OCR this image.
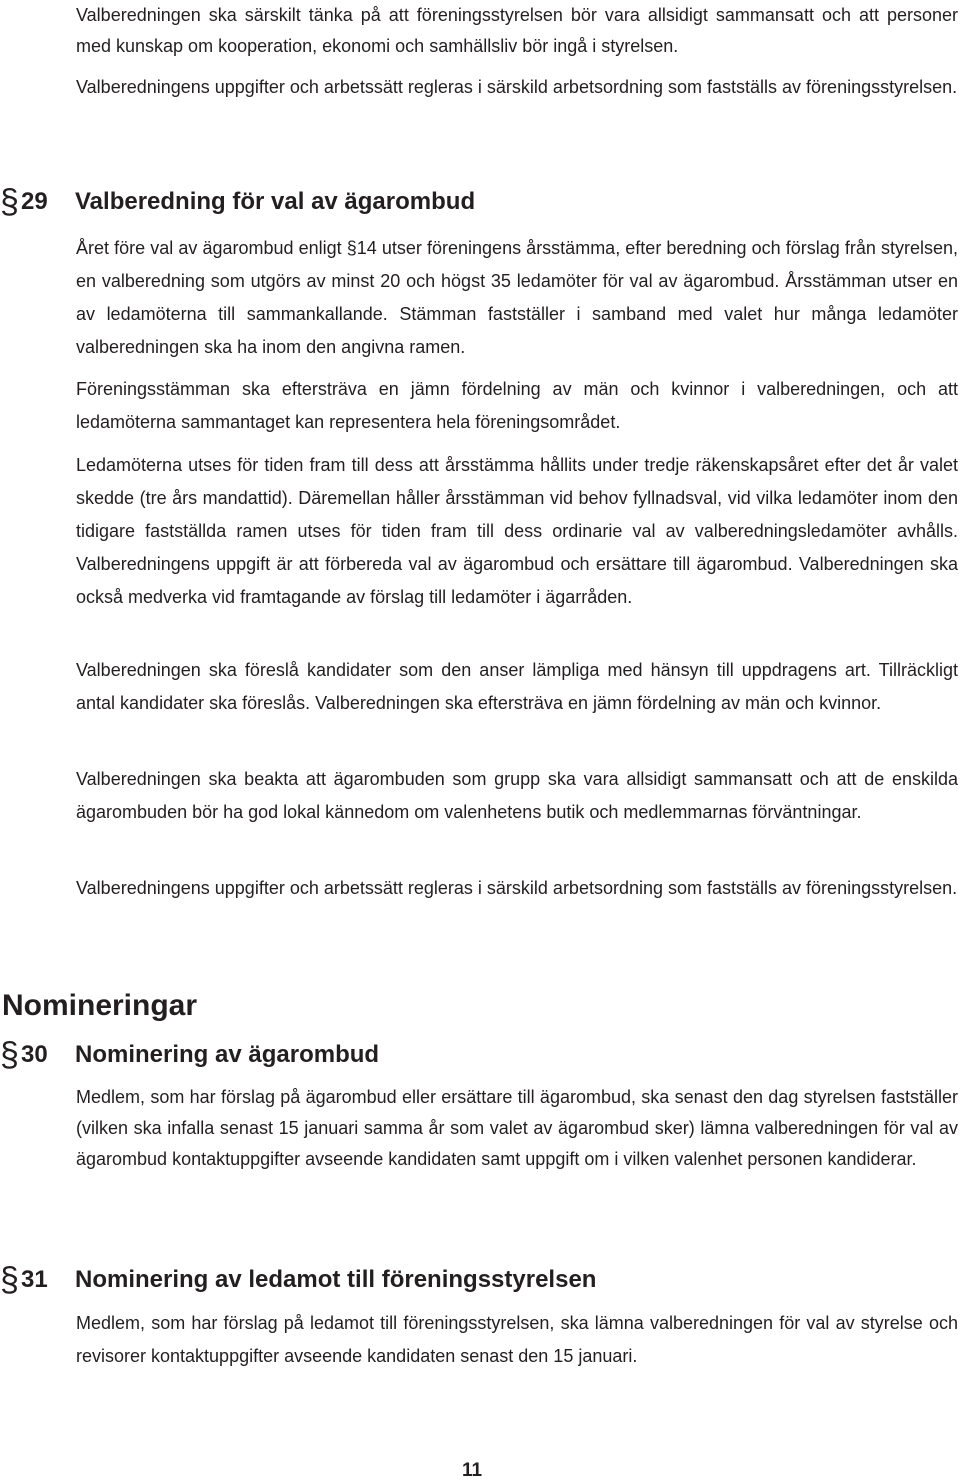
Valberedningen ska särskilt tänka på att föreningsstyrelsen bör vara allsidigt sammansatt och att personer med kunskap om kooperation, ekonomi och samhällsliv bör ingå i styrelsen.

Valberedningens uppgifter och arbetssätt regleras i särskild arbetsordning som fastställs av föreningsstyrelsen.

§ 29	Valberedning för val av ägarombud

Året före val av ägarombud enligt §14 utser föreningens årsstämma, efter beredning och förslag från styrelsen, en valberedning som utgörs av minst 20 och högst 35 ledamöter för val av ägarombud. Årsstämman utser en av ledamöterna till sammankallande. Stämman fastställer i samband med valet hur många ledamöter valberedningen ska ha inom den angivna ramen.

Föreningsstämman ska eftersträva en jämn fördelning av män och kvinnor i valberedningen, och att ledamöterna sammantaget kan representera hela föreningsområdet.

Ledamöterna utses för tiden fram till dess att årsstämma hållits under tredje räkenskapsåret efter det år valet skedde (tre års mandattid). Däremellan håller årsstämman vid behov fyllnadsval, vid vilka ledamöter inom den tidigare fastställda ramen utses för tiden fram till dess ordinarie val av valberedningsledamöter avhålls. Valberedningens uppgift är att förbereda val av ägarombud och ersättare till ägarombud. Valberedningen ska också medverka vid framtagande av förslag till ledamöter i ägarråden.

Valberedningen ska föreslå kandidater som den anser lämpliga med hänsyn till uppdragens art. Tillräckligt antal kandidater ska föreslås. Valberedningen ska eftersträva en jämn fördelning av män och kvinnor.

Valberedningen ska beakta att ägarombuden som grupp ska vara allsidigt sammansatt och att de enskilda ägarombuden bör ha god lokal kännedom om valenhetens butik och medlemmarnas förväntningar.

Valberedningens uppgifter och arbetssätt regleras i särskild arbetsordning som fastställs av föreningsstyrelsen.

Nomineringar
§ 30	Nominering av ägarombud

Medlem, som har förslag på ägarombud eller ersättare till ägarombud, ska senast den dag styrelsen fastställer (vilken ska infalla senast 15 januari samma år som valet av ägarombud sker) lämna valberedningen för val av ägarombud kontaktuppgifter avseende kandidaten samt uppgift om i vilken valenhet personen kandiderar.

§ 31	Nominering av ledamot till föreningsstyrelsen

Medlem, som har förslag på ledamot till föreningsstyrelsen, ska lämna valberedningen för val av styrelse och revisorer kontaktuppgifter avseende kandidaten senast den 15 januari.

11
